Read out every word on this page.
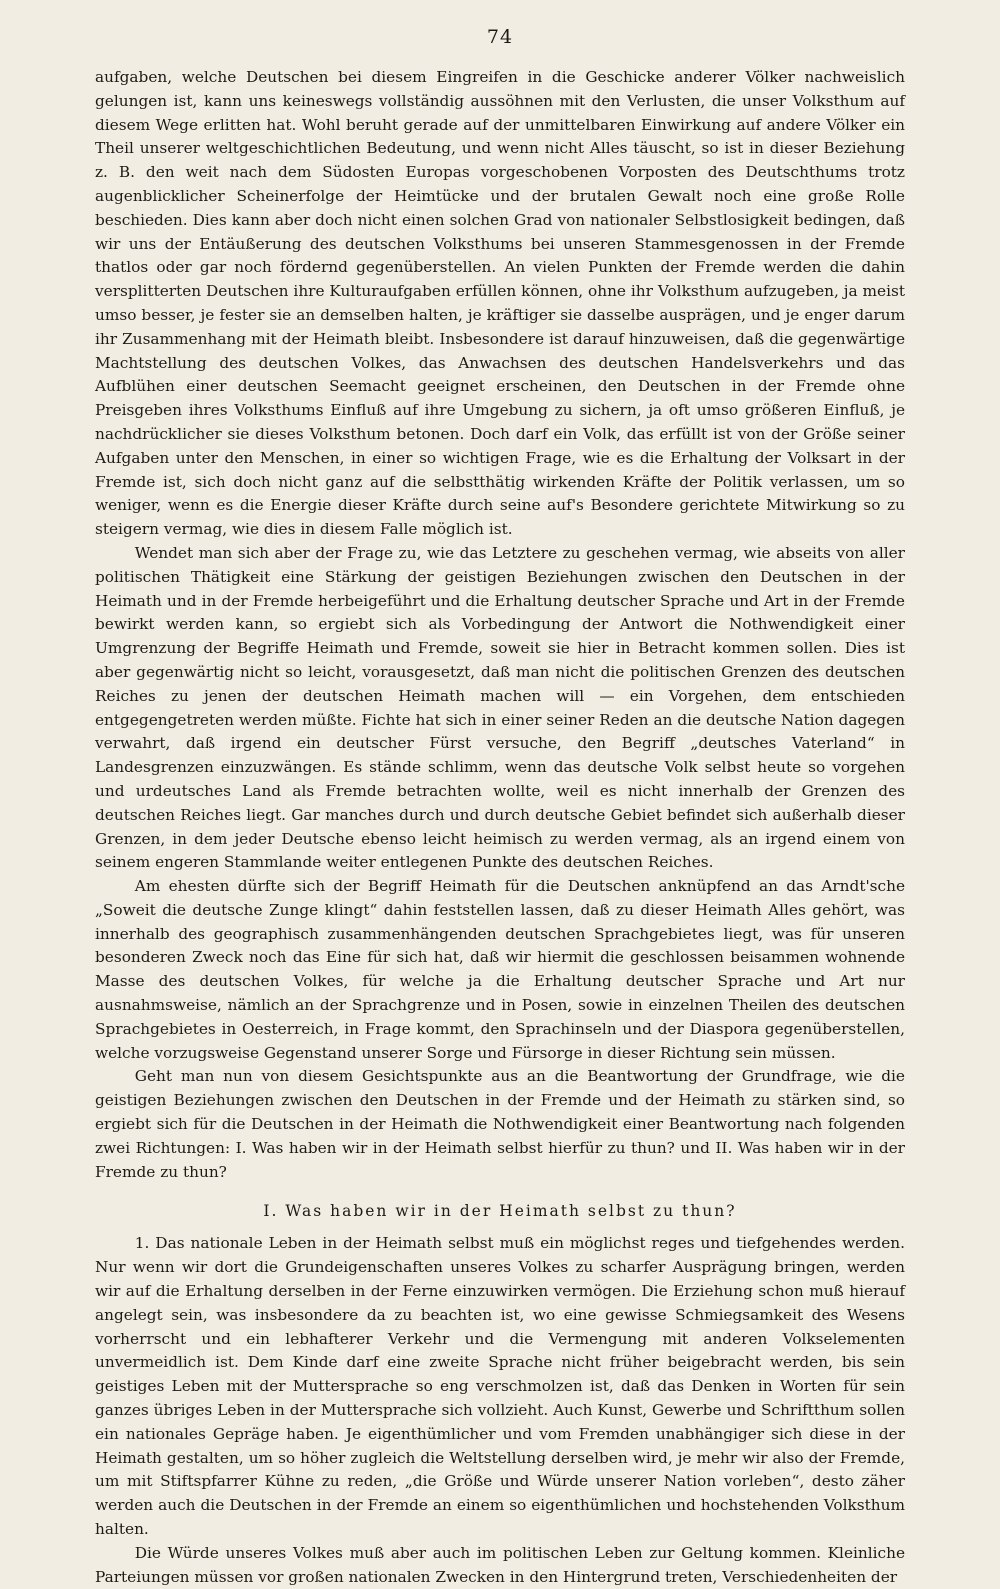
74

aufgaben, welche Deutschen bei diesem Eingreifen in die Geschicke anderer Völker nachweislich gelungen ist, kann uns keineswegs vollständig aussöhnen mit den Verlusten, die unser Volksthum auf diesem Wege erlitten hat. Wohl beruht gerade auf der unmittelbaren Einwirkung auf andere Völker ein Theil unserer weltgeschichtlichen Bedeutung, und wenn nicht Alles täuscht, so ist in dieser Beziehung z. B. den weit nach dem Südosten Europas vorgeschobenen Vorposten des Deutschthums trotz augenblicklicher Scheinerfolge der Heimtücke und der brutalen Gewalt noch eine große Rolle beschieden. Dies kann aber doch nicht einen solchen Grad von nationaler Selbstlosigkeit bedingen, daß wir uns der Entäußerung des deutschen Volksthums bei unseren Stammesgenossen in der Fremde thatlos oder gar noch fördernd gegenüberstellen. An vielen Punkten der Fremde werden die dahin versplitterten Deutschen ihre Kulturaufgaben erfüllen können, ohne ihr Volksthum aufzugeben, ja meist umso besser, je fester sie an demselben halten, je kräftiger sie dasselbe ausprägen, und je enger darum ihr Zusammenhang mit der Heimath bleibt. Insbesondere ist darauf hinzuweisen, daß die gegenwärtige Machtstellung des deutschen Volkes, das Anwachsen des deutschen Handelsverkehrs und das Aufblühen einer deutschen Seemacht geeignet erscheinen, den Deutschen in der Fremde ohne Preisgeben ihres Volksthums Einfluß auf ihre Umgebung zu sichern, ja oft umso größeren Einfluß, je nachdrücklicher sie dieses Volksthum betonen. Doch darf ein Volk, das erfüllt ist von der Größe seiner Aufgaben unter den Menschen, in einer so wichtigen Frage, wie es die Erhaltung der Volksart in der Fremde ist, sich doch nicht ganz auf die selbstthätig wirkenden Kräfte der Politik verlassen, um so weniger, wenn es die Energie dieser Kräfte durch seine auf's Besondere gerichtete Mitwirkung so zu steigern vermag, wie dies in diesem Falle möglich ist.

Wendet man sich aber der Frage zu, wie das Letztere zu geschehen vermag, wie abseits von aller politischen Thätigkeit eine Stärkung der geistigen Beziehungen zwischen den Deutschen in der Heimath und in der Fremde herbeigeführt und die Erhaltung deutscher Sprache und Art in der Fremde bewirkt werden kann, so ergiebt sich als Vorbedingung der Antwort die Nothwendigkeit einer Umgrenzung der Begriffe Heimath und Fremde, soweit sie hier in Betracht kommen sollen. Dies ist aber gegenwärtig nicht so leicht, vorausgesetzt, daß man nicht die politischen Grenzen des deutschen Reiches zu jenen der deutschen Heimath machen will — ein Vorgehen, dem entschieden entgegengetreten werden müßte. Fichte hat sich in einer seiner Reden an die deutsche Nation dagegen verwahrt, daß irgend ein deutscher Fürst versuche, den Begriff „deutsches Vaterland“ in Landesgrenzen einzuzwängen. Es stände schlimm, wenn das deutsche Volk selbst heute so vorgehen und urdeutsches Land als Fremde betrachten wollte, weil es nicht innerhalb der Grenzen des deutschen Reiches liegt. Gar manches durch und durch deutsche Gebiet befindet sich außerhalb dieser Grenzen, in dem jeder Deutsche ebenso leicht heimisch zu werden vermag, als an irgend einem von seinem engeren Stammlande weiter entlegenen Punkte des deutschen Reiches.

Am ehesten dürfte sich der Begriff Heimath für die Deutschen anknüpfend an das Arndt'sche „Soweit die deutsche Zunge klingt“ dahin feststellen lassen, daß zu dieser Heimath Alles gehört, was innerhalb des geographisch zusammenhängenden deutschen Sprachgebietes liegt, was für unseren besonderen Zweck noch das Eine für sich hat, daß wir hiermit die geschlossen beisammen wohnende Masse des deutschen Volkes, für welche ja die Erhaltung deutscher Sprache und Art nur ausnahmsweise, nämlich an der Sprachgrenze und in Posen, sowie in einzelnen Theilen des deutschen Sprachgebietes in Oesterreich, in Frage kommt, den Sprachinseln und der Diaspora gegenüberstellen, welche vorzugsweise Gegenstand unserer Sorge und Fürsorge in dieser Richtung sein müssen.

Geht man nun von diesem Gesichtspunkte aus an die Beantwortung der Grundfrage, wie die geistigen Beziehungen zwischen den Deutschen in der Fremde und der Heimath zu stärken sind, so ergiebt sich für die Deutschen in der Heimath die Nothwendigkeit einer Beantwortung nach folgenden zwei Richtungen: I. Was haben wir in der Heimath selbst hierfür zu thun? und II. Was haben wir in der Fremde zu thun?

I. Was haben wir in der Heimath selbst zu thun?

1. Das nationale Leben in der Heimath selbst muß ein möglichst reges und tiefgehendes werden. Nur wenn wir dort die Grundeigenschaften unseres Volkes zu scharfer Ausprägung bringen, werden wir auf die Erhaltung derselben in der Ferne einzuwirken vermögen. Die Erziehung schon muß hierauf angelegt sein, was insbesondere da zu beachten ist, wo eine gewisse Schmiegsamkeit des Wesens vorherrscht und ein lebhafterer Verkehr und die Vermengung mit anderen Volkselementen unvermeidlich ist. Dem Kinde darf eine zweite Sprache nicht früher beigebracht werden, bis sein geistiges Leben mit der Muttersprache so eng verschmolzen ist, daß das Denken in Worten für sein ganzes übriges Leben in der Muttersprache sich vollzieht. Auch Kunst, Gewerbe und Schriftthum sollen ein nationales Gepräge haben. Je eigenthümlicher und vom Fremden unabhängiger sich diese in der Heimath gestalten, um so höher zugleich die Weltstellung derselben wird, je mehr wir also der Fremde, um mit Stiftspfarrer Kühne zu reden, „die Größe und Würde unserer Nation vorleben“, desto zäher werden auch die Deutschen in der Fremde an einem so eigenthümlichen und hochstehenden Volksthum halten.

Die Würde unseres Volkes muß aber auch im politischen Leben zur Geltung kommen. Kleinliche Parteiungen müssen vor großen nationalen Zwecken in den Hintergrund treten, Verschiedenheiten der
